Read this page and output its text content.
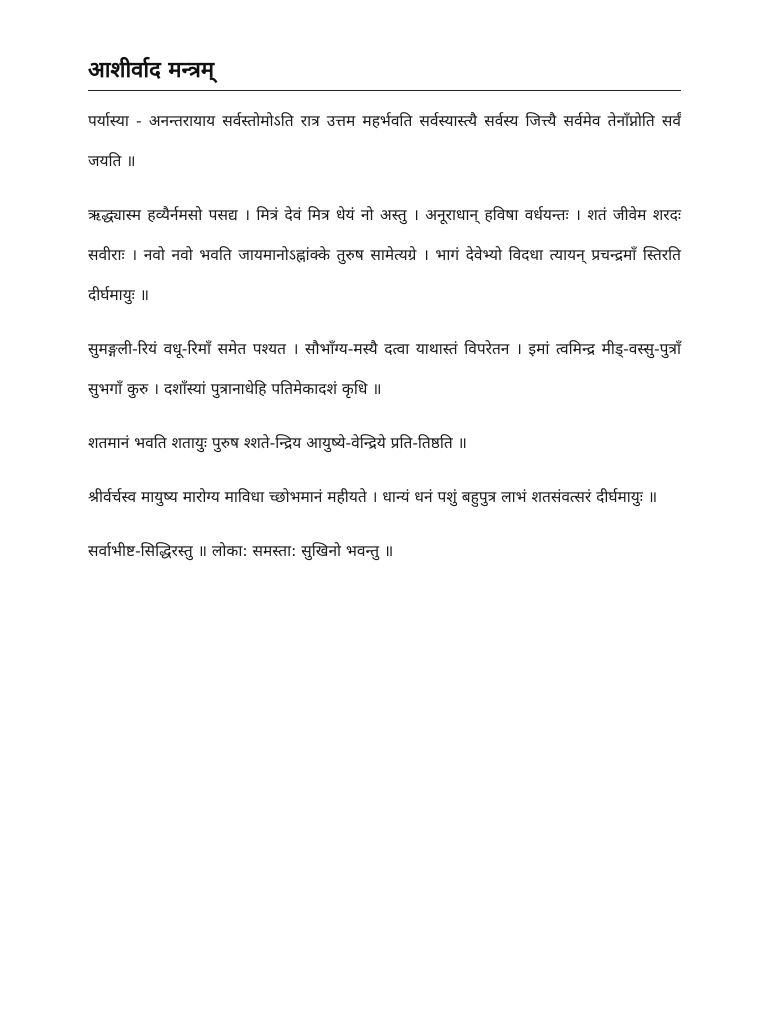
आशीर्वाद मन्त्रम्

पर्यास्या - अनन्तरायाय सर्वस्तोमोऽति रात्र उत्तम महर्भवति सर्वस्यास्त्यै सर्वस्य जित्त्यै सर्वमेव तेनाँप्नोति सर्वं जयति ॥

ऋद्ध्यास्म हव्यैर्नमसो पसद्य । मित्रं देवं मित्र धेयं नो अस्तु । अनूराधान् हविषा वर्धयन्तः । शतं जीवेम शरदः सवीराः । नवो नवो भवति जायमानोऽह्नांक्के तुरुष सामेत्यग्रे । भागं देवेभ्यो विदधा त्यायन् प्रचन्द्रमाँ स्तिरति दीर्घमायुः ॥

सुमङ्गली-रियं वधू-रिमाँ समेत पश्यत । सौभाँग्य-मस्यै दत्वा याथास्तं विपरेतन । इमां त्वमिन्द्र मीड्-वस्सु-पुत्राँ सुभगाँ कुरु । दशाँस्यां पुत्रानाधेहि पतिमेकादशं कृधि ॥

शतमानं भवति शतायुः पुरुष श्शते-न्द्रिय आयुष्ये-वेन्द्रिये प्रति-तिष्ठति ॥

श्रीर्वर्चस्व मायुष्य मारोग्य माविधा च्छोभमानं महीयते । धान्यं धनं पशुं बहुपुत्र लाभं शतसंवत्सरं दीर्घमायुः ॥

सर्वाभीष्ट-सिद्धिरस्तु ॥ लोका: समस्ता: सुखिनो भवन्तु ॥
